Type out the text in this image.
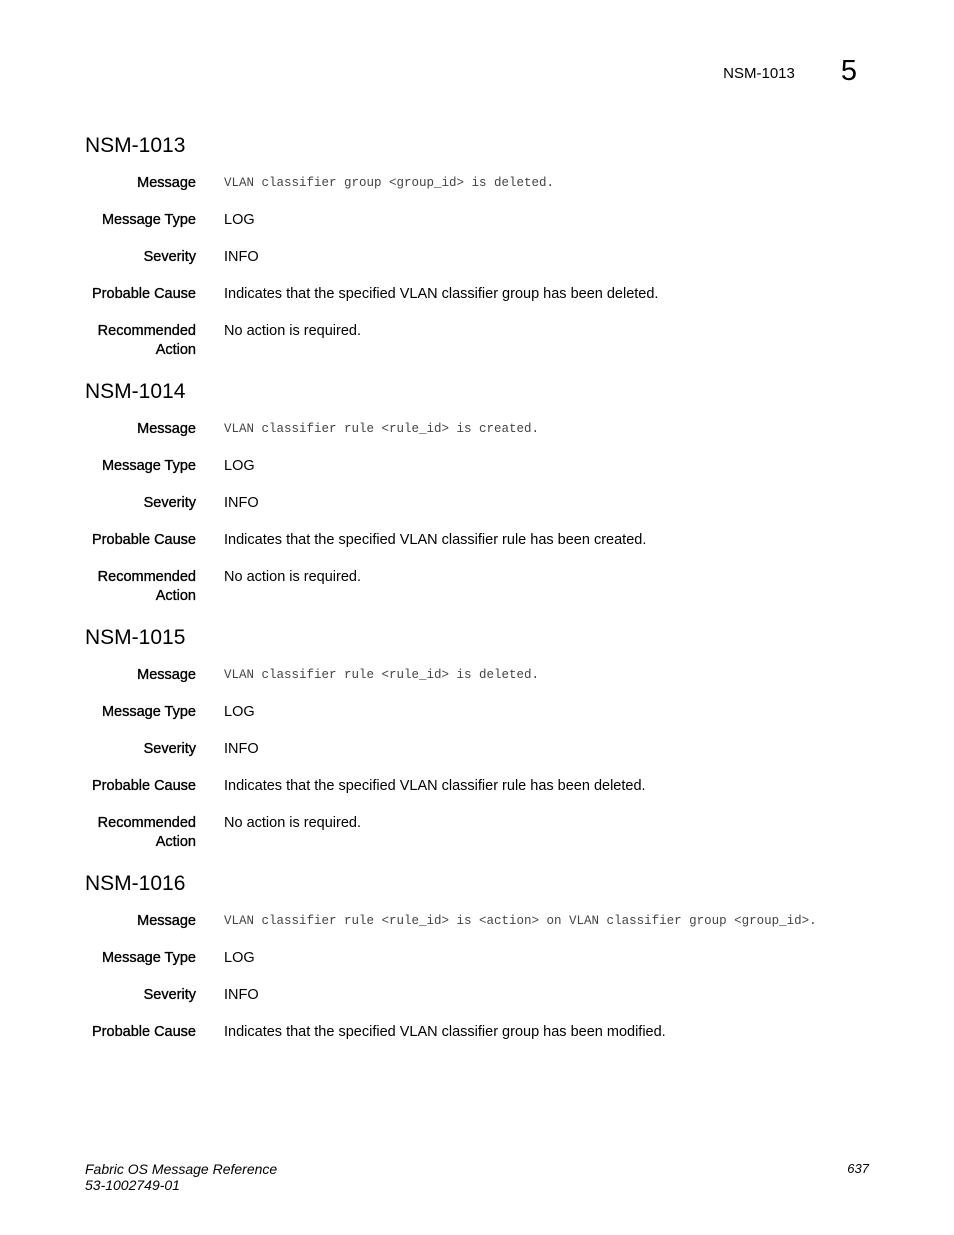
NSM-1013 5
NSM-1013
Message VLAN classifier group <group_id> is deleted.
Message Type LOG
Severity INFO
Probable Cause Indicates that the specified VLAN classifier group has been deleted.
Recommended
Action
No action is required.
NSM-1014
Message VLAN classifier rule <rule_id> is created.
Message Type LOG
Severity INFO
Probable Cause Indicates that the specified VLAN classifier rule has been created.
Recommended
Action
No action is required.
NSM-1015
Message VLAN classifier rule <rule_id> is deleted.
Message Type LOG
Severity INFO
Probable Cause Indicates that the specified VLAN classifier rule has been deleted.
Recommended
Action
No action is required.
NSM-1016
Message VLAN classifier rule <rule_id> is <action> on VLAN classifier group <group_id>.
Message Type LOG
Severity INFO
Probable Cause Indicates that the specified VLAN classifier group has been modified.
Fabric OS Message Reference
53-1002749-01
637
